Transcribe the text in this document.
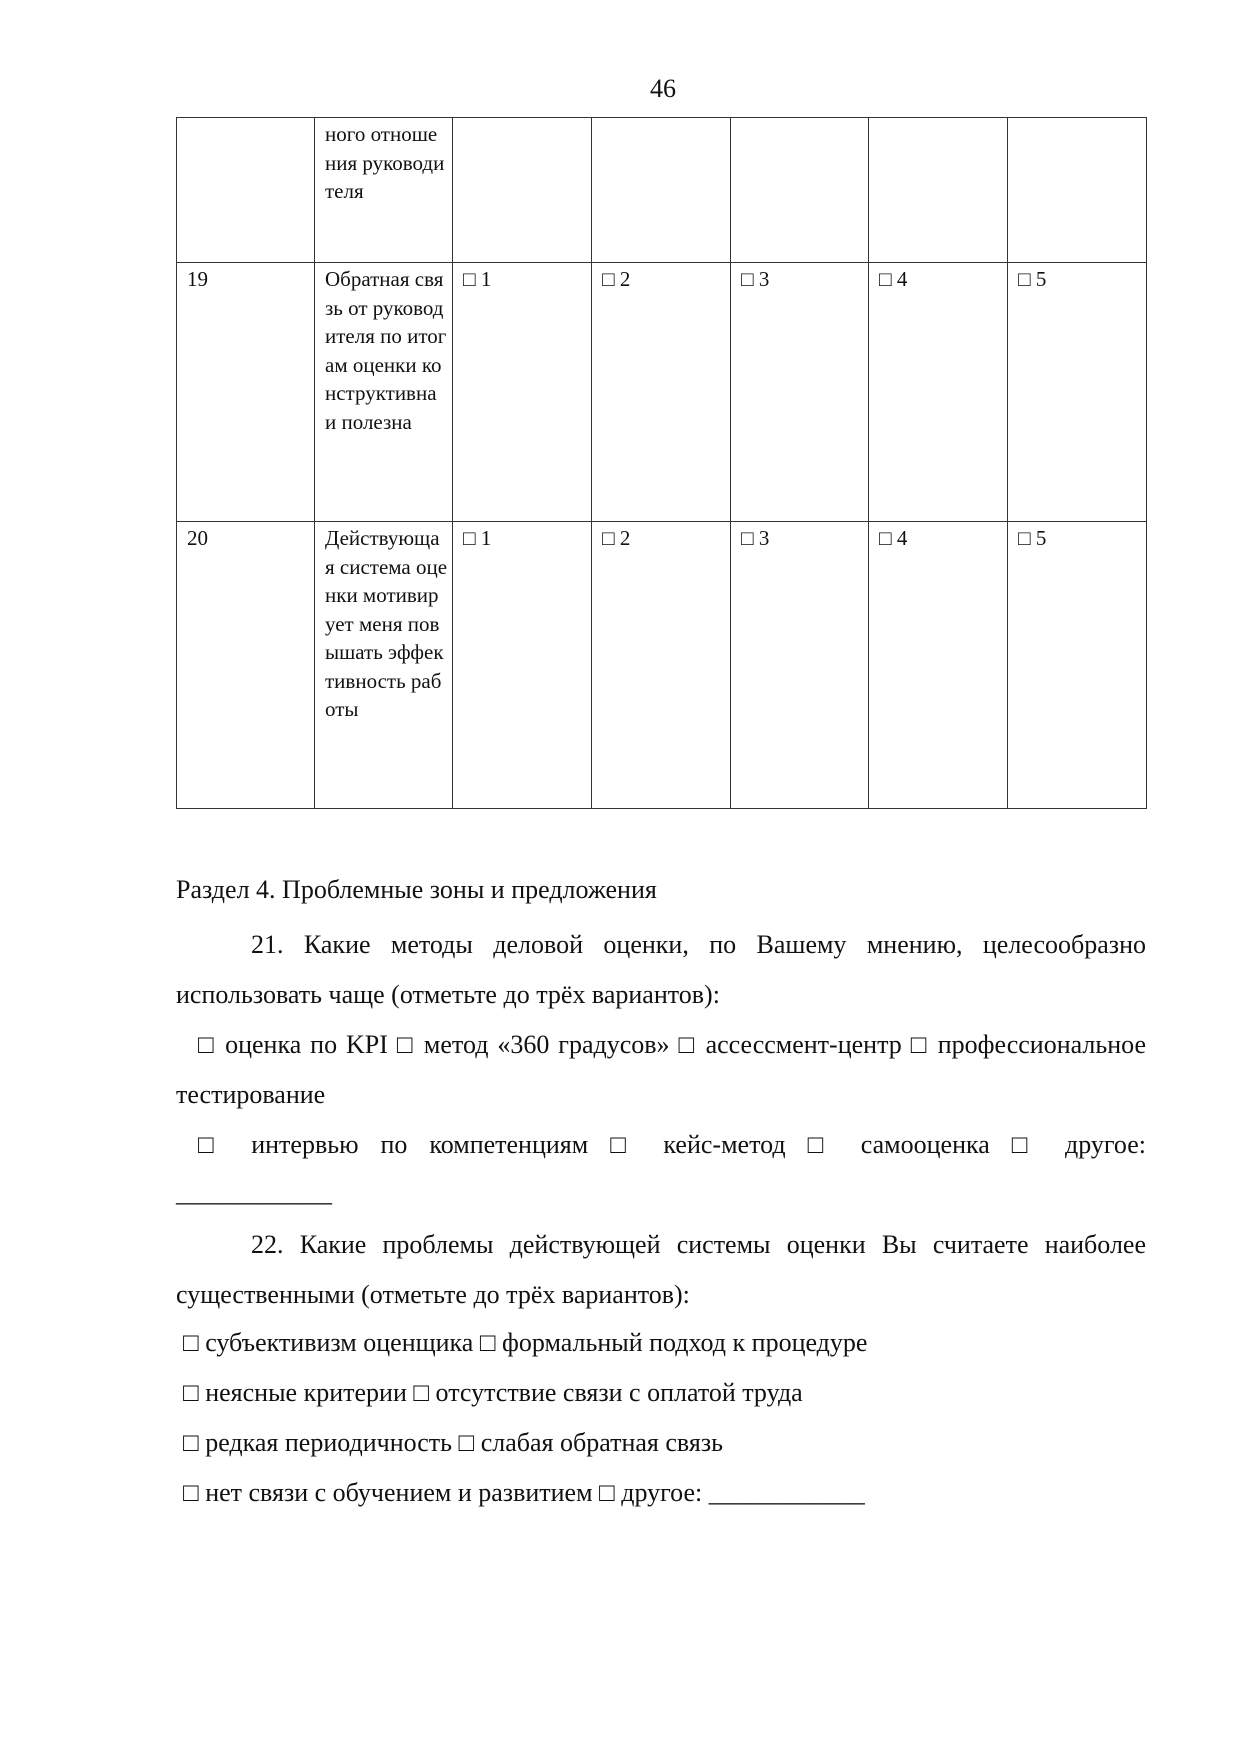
46
	ного отношения руководителя					
19	Обратная связь от руководителя по итогам оценки конструктивна и полезна	□ 1	□ 2	□ 3	□ 4	□ 5
20	Действующая система оценки мотивирует меня повышать эффективность работы	□ 1	□ 2	□ 3	□ 4	□ 5
Раздел 4. Проблемные зоны и предложения
21. Какие методы деловой оценки, по Вашему мнению, целесообразно использовать чаще (отметьте до трёх вариантов):
□ оценка по KPI □ метод «360 градусов» □ ассессмент-центр □ профессиональное тестирование
□ интервью по компетенциям □ кейс-метод □ самооценка □ другое:
____________
22. Какие проблемы действующей системы оценки Вы считаете наиболее существенными (отметьте до трёх вариантов):
□ субъективизм оценщика □ формальный подход к процедуре
□ неясные критерии □ отсутствие связи с оплатой труда
□ редкая периодичность □ слабая обратная связь
□ нет связи с обучением и развитием □ другое: ____________
